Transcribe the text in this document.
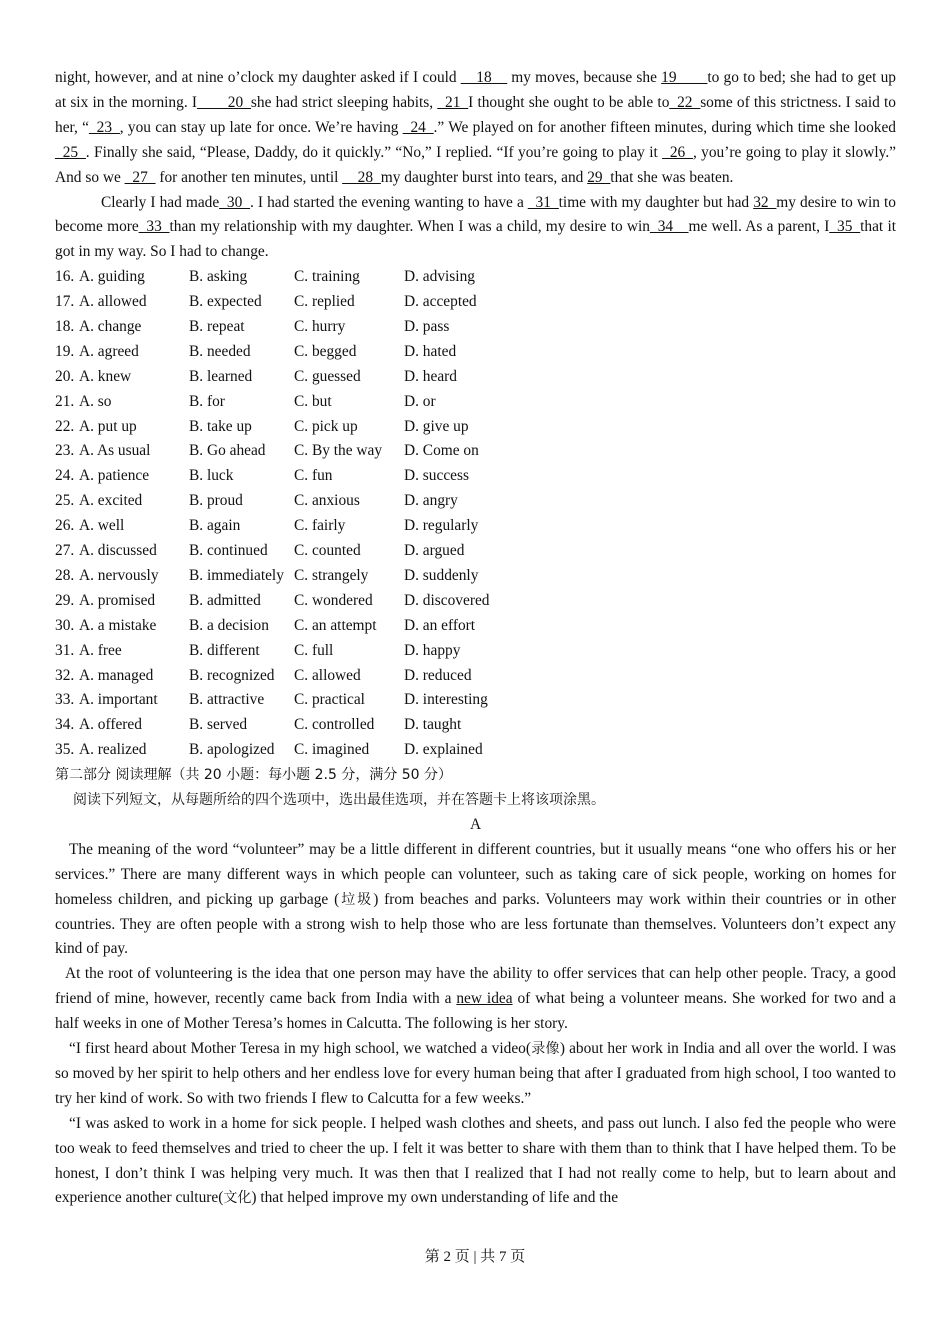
night, however, and at nine o’clock my daughter asked if I could __18__ my moves, because she 19____to go to bed; she had to get up at six in the morning. I____20_she had strict sleeping habits, _21_I thought she ought to be able to_22_some of this strictness. I said to her, “_23_, you can stay up late for once. We’re having _24_.” We played on for another fifteen minutes, during which time she looked _25_. Finally she said, “Please, Daddy, do it quickly.” “No,” I replied. “If you’re going to play it _26_, you’re going to play it slowly.” And so we _27_ for another ten minutes, until __28_my daughter burst into tears, and 29_that she was beaten.

Clearly I had made_30_. I had started the evening wanting to have a _31_time with my daughter but had 32_my desire to win to become more_33_than my relationship with my daughter. When I was a child, my desire to win_34__me well. As a parent, I_35_that it got in my way. So I had to change.

16. A. guiding	B. asking	C. training	D. advising
17. A. allowed	B. expected	C. replied	D. accepted
18. A. change	B. repeat	C. hurry	D. pass
19. A. agreed	B. needed	C. begged	D. hated
20. A. knew	B. learned	C. guessed	D. heard
21. A. so	B. for	C. but	D. or
22. A. put up	B. take up	C. pick up	D. give up
23. A. As usual	B. Go ahead	C. By the way	D. Come on
24. A. patience	B. luck	C. fun	D. success
25. A. excited	B. proud	C. anxious	D. angry
26. A. well	B. again	C. fairly	D. regularly
27. A. discussed	B. continued	C. counted	D. argued
28. A. nervously	B. immediately C. strangely	D. suddenly
29. A. promised	B. admitted	C. wondered	D. discovered
30. A. a mistake	B. a decision	C. an attempt	D. an effort
31. A. free	B. different	C. full	D. happy
32. A. managed	B. recognized	C. allowed	D. reduced
33. A. important	B. attractive	C. practical	D. interesting
34. A. offered	B. served	C. controlled	D. taught
35. A. realized	B. apologized	C. imagined	D. explained
第二部分 阅读理解（共 20 小题：每小题 2.5 分，满分 50 分）
阅读下列短文，从每题所给的四个选项中，选出最佳选项，并在答题卡上将该项涂黑。
A

The meaning of the word “volunteer” may be a little different in different countries, but it usually means “one who offers his or her services.” There are many different ways in which people can volunteer, such as taking care of sick people, working on homes for homeless children, and picking up garbage (垃圾) from beaches and parks. Volunteers may work within their countries or in other countries. They are often people with a strong wish to help those who are less fortunate than themselves. Volunteers don’t expect any kind of pay.

At the root of volunteering is the idea that one person may have the ability to offer services that can help other people. Tracy, a good friend of mine, however, recently came back from India with a new idea of what being a volunteer means. She worked for two and a half weeks in one of Mother Teresa’s homes in Calcutta. The following is her story.

“I first heard about Mother Teresa in my high school, we watched a video(录像) about her work in India and all over the world. I was so moved by her spirit to help others and her endless love for every human being that after I graduated from high school, I too wanted to try her kind of work. So with two friends I flew to Calcutta for a few weeks.”

“I was asked to work in a home for sick people. I helped wash clothes and sheets, and pass out lunch. I also fed the people who were too weak to feed themselves and tried to cheer the up. I felt it was better to share with them than to think that I have helped them. To be honest, I don’t think I was helping very much. It was then that I realized that I had not really come to help, but to learn about and experience another culture(文化) that helped improve my own understanding of life and the

第 2 页 | 共 7 页
